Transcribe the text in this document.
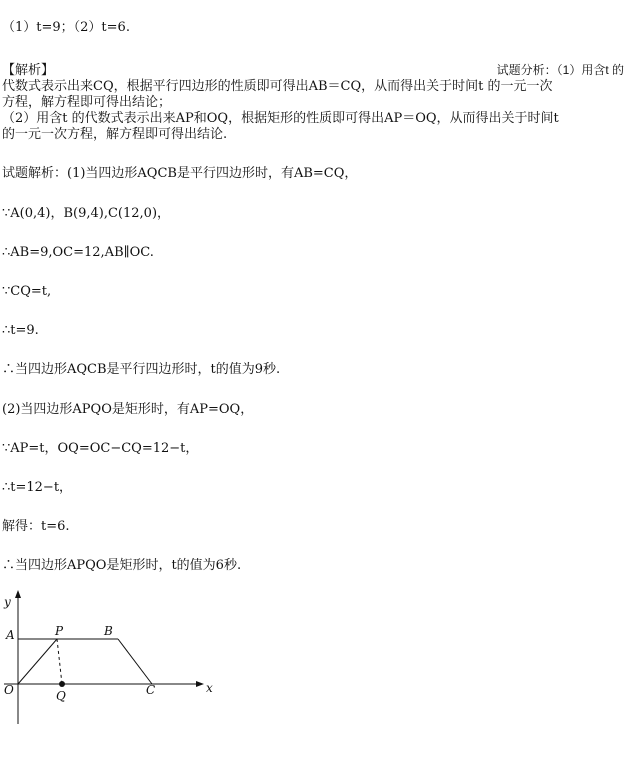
（1）t=9；（2）t=6.
【解析】	试题分析：（1）用含t 的
代数式表示出来CQ，根据平行四边形的性质即可得出AB＝CQ，从而得出关于时间t 的一元一次
方程，解方程即可得出结论；
（2）用含t 的代数式表示出来AP和OQ，根据矩形的性质即可得出AP＝OQ，从而得出关于时间t
的一元一次方程，解方程即可得出结论.
试题解析：(1)当四边形AQCB是平行四边形时，有AB=CQ，
∵A(0,4)，B(9,4),C(12,0)，
∴AB=9,OC=12,AB∥OC.
∵CQ=t,
∴t=9.
∴当四边形AQCB是平行四边形时，t的值为9秒.
(2)当四边形APQO是矩形时，有AP=OQ，
∵AP=t，OQ=OC−CQ=12−t，
∴t=12−t，
解得：t=6.
∴当四边形APQO是矩形时，t的值为6秒.
y
x
A	P	B
O	Q	C
